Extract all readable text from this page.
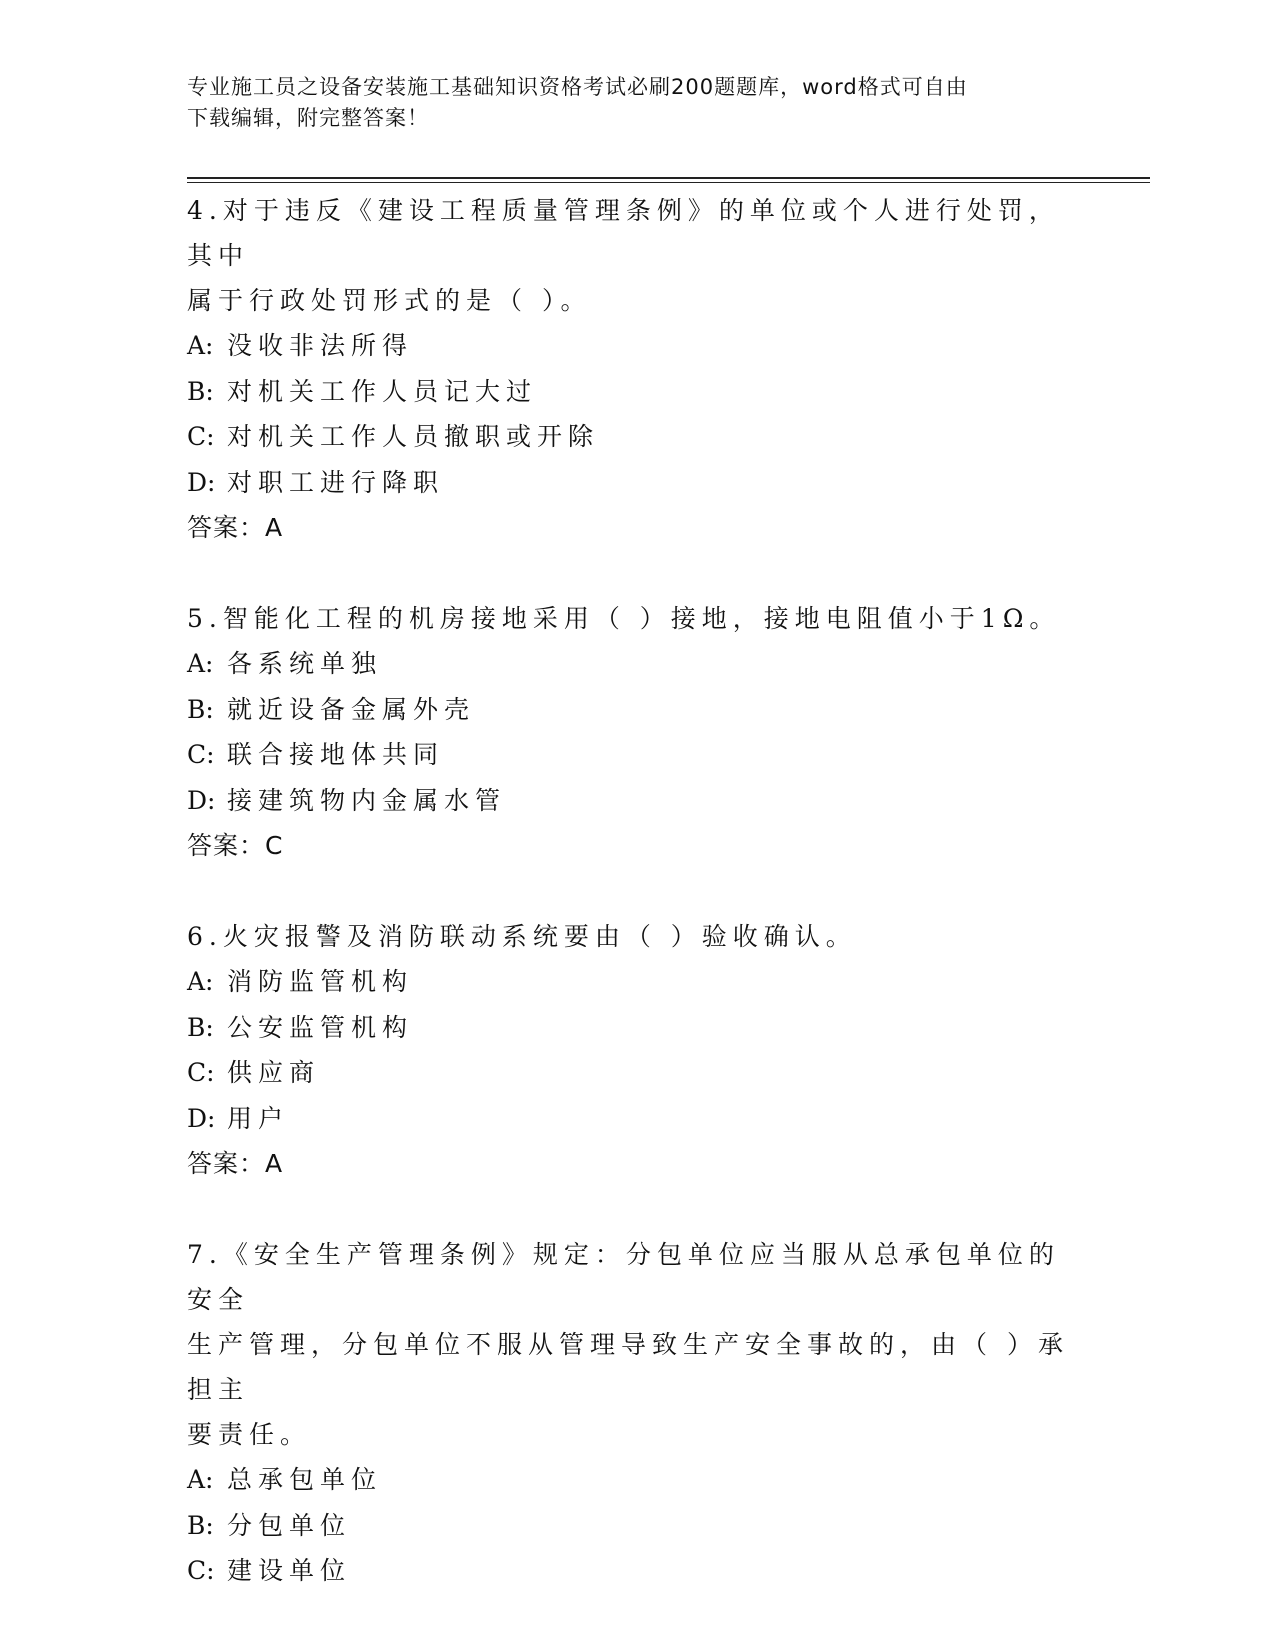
专业施工员之设备安装施工基础知识资格考试必刷200题题库，word格式可自由
下载编辑，附完整答案！

4.对于违反《建设工程质量管理条例》的单位或个人进行处罚，其中

属于行政处罚形式的是（ ）。

A: 没收非法所得

B: 对机关工作人员记大过

C: 对机关工作人员撤职或开除

D: 对职工进行降职

答案：A

5.智能化工程的机房接地采用（ ）接地，接地电阻值小于1Ω。

A: 各系统单独

B: 就近设备金属外壳

C: 联合接地体共同

D: 接建筑物内金属水管

答案：C

6.火灾报警及消防联动系统要由（ ）验收确认。

A: 消防监管机构

B: 公安监管机构

C: 供应商

D: 用户

答案：A

7.《安全生产管理条例》规定：分包单位应当服从总承包单位的安全

生产管理，分包单位不服从管理导致生产安全事故的，由（ ）承担主

要责任。

A: 总承包单位

B: 分包单位

C: 建设单位
